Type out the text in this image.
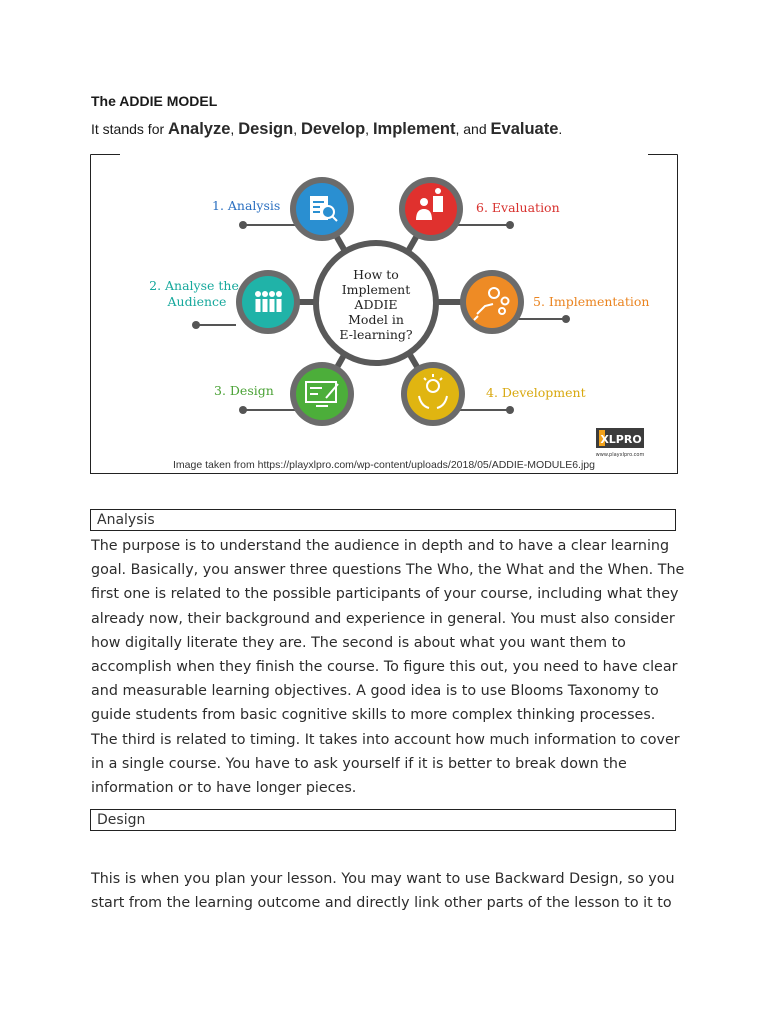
The ADDIE MODEL
It stands for Analyze, Design, Develop, Implement, and Evaluate.
How to
Implement
ADDIE
Model in
E-learning?
1. Analysis
2. Analyse the
Audience
3. Design	4. Development
5. Implementation
6. Evaluation
XLPRO
www.playxlpro.com
Image taken from https://playxlpro.com/wp-content/uploads/2018/05/ADDIE-MODULE6.jpg
Analysis

The purpose is to understand the audience in depth and to have a clear learning goal. Basically, you answer three questions The Who, the What and the When. The first one is related to the possible participants of your course, including what they already now, their background and experience in general. You must also consider how digitally literate they are. The second is about what you want them to accomplish when they finish the course. To figure this out, you need to have clear and measurable learning objectives. A good idea is to use Blooms Taxonomy to guide students from basic cognitive skills to more complex thinking processes. The third is related to timing. It takes into account how much information to cover in a single course. You have to ask yourself if it is better to break down the information or to have longer pieces.

Design

This is when you plan your lesson. You may want to use Backward Design, so you start from the learning outcome and directly link other parts of the lesson to it to
